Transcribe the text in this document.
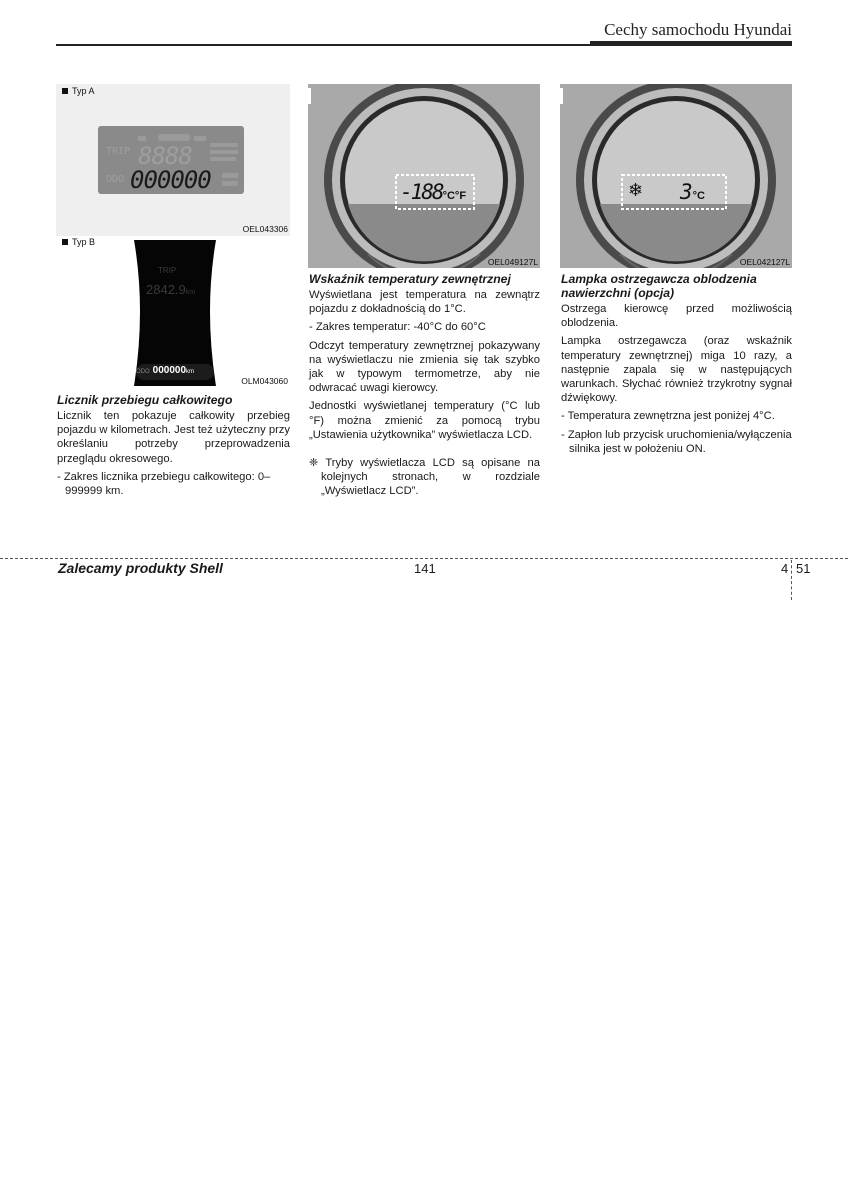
Cechy samochodu Hyundai
Typ A
TRIP 8888
ODO 000000
OEL043306
Typ B
TRIP
2842.9km
ODO 000000km
OLM043060
-188°C°F
OEL049127L
❄ 3°C
OEL042127L
Licznik przebiegu całkowitego

Licznik ten pokazuje całkowity przebieg pojazdu w kilometrach. Jest też użyteczny przy określaniu potrzeby przeprowadzenia przeglądu okresowego.

- Zakres licznika przebiegu całkowitego: 0–999999 km.

Wskaźnik temperatury zewnętrznej

Wyświetlana jest temperatura na zewnątrz pojazdu z dokładnością do 1°C.

- Zakres temperatur: -40°C do 60°C

Odczyt temperatury zewnętrznej pokazywany na wyświetlaczu nie zmienia się tak szybko jak w typowym termometrze, aby nie odwracać uwagi kierowcy.

Jednostki wyświetlanej temperatury (°C lub °F) można zmienić za pomocą trybu „Ustawienia użytkownika” wyświetlacza LCD.

❈ Tryby wyświetlacza LCD są opisane na kolejnych stronach, w rozdziale „Wyświetlacz LCD”.

Lampka ostrzegawcza oblodzenia nawierzchni (opcja)

Ostrzega kierowcę przed możliwością oblodzenia.

Lampka ostrzegawcza (oraz wskaźnik temperatury zewnętrznej) miga 10 razy, a następnie zapala się w następujących warunkach. Słychać również trzykrotny sygnał dźwiękowy.

- Temperatura zewnętrzna jest poniżej 4°C.

- Zapłon lub przycisk uruchomienia/wyłączenia silnika jest w położeniu ON.

Zalecamy produkty Shell	141	4 51
